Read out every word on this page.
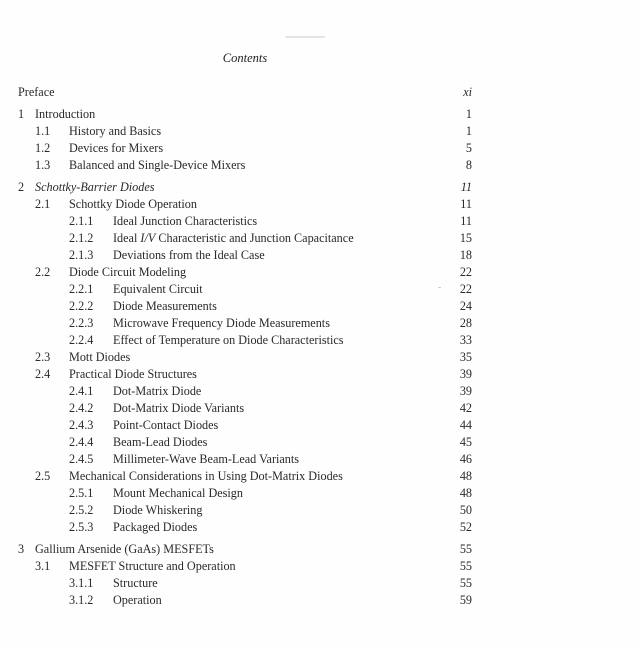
Contents
Preface	xi
1 Introduction	1
1.1 History and Basics	1
1.2 Devices for Mixers	5
1.3 Balanced and Single-Device Mixers	8
2 Schottky-Barrier Diodes	11
2.1 Schottky Diode Operation	11
2.1.1 Ideal Junction Characteristics	11
2.1.2 Ideal I/V Characteristic and Junction Capacitance	15
2.1.3 Deviations from the Ideal Case	18
2.2 Diode Circuit Modeling	22
2.2.1 Equivalent Circuit	22
2.2.2 Diode Measurements	24
2.2.3 Microwave Frequency Diode Measurements	28
2.2.4 Effect of Temperature on Diode Characteristics	33
2.3 Mott Diodes	35
2.4 Practical Diode Structures	39
2.4.1 Dot-Matrix Diode	39
2.4.2 Dot-Matrix Diode Variants	42
2.4.3 Point-Contact Diodes	44
2.4.4 Beam-Lead Diodes	45
2.4.5 Millimeter-Wave Beam-Lead Variants	46
2.5 Mechanical Considerations in Using Dot-Matrix Diodes	48
2.5.1 Mount Mechanical Design	48
2.5.2 Diode Whiskering	50
2.5.3 Packaged Diodes	52
3 Gallium Arsenide (GaAs) MESFETs	55
3.1 MESFET Structure and Operation	55
3.1.1 Structure	55
3.1.2 Operation	59
